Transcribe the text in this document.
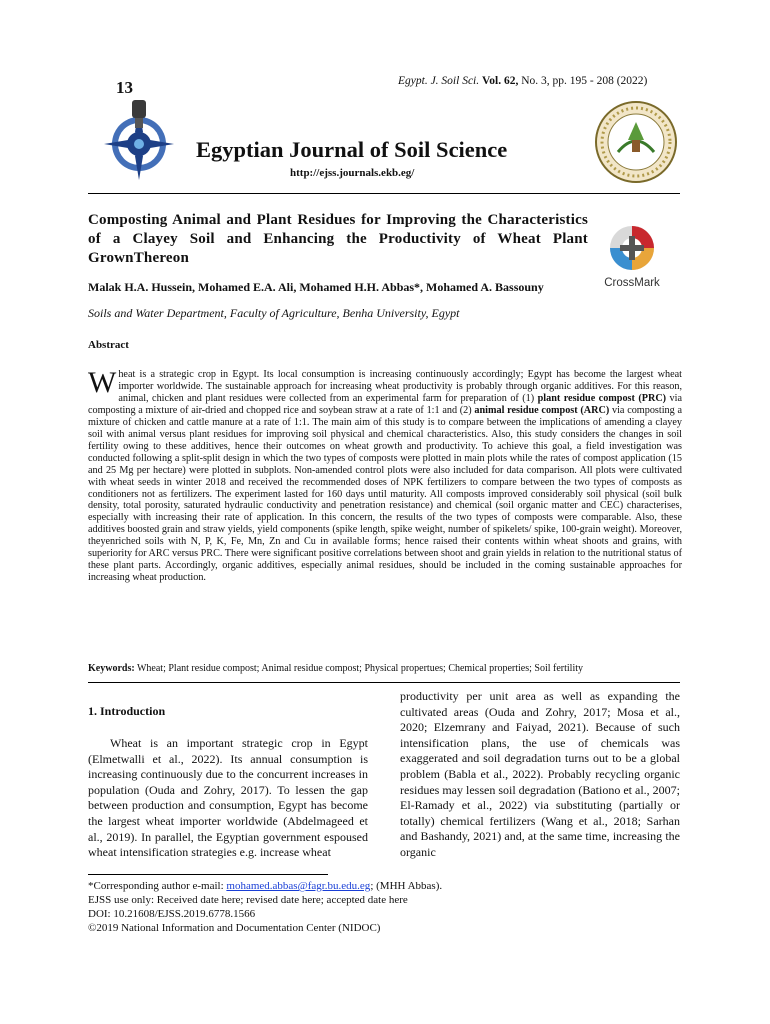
13	Egypt. J. Soil Sci. Vol. 62, No. 3, pp. 195 - 208 (2022)
Egyptian Journal of Soil Science
http://ejss.journals.ekb.eg/
Composting Animal and Plant Residues for Improving the Characteristics of a Clayey Soil and Enhancing the Productivity of Wheat Plant GrownThereon
CrossMark
Malak H.A. Hussein, Mohamed E.A. Ali, Mohamed H.H. Abbas*, Mohamed A. Bassouny
Soils and Water Department, Faculty of Agriculture, Benha University, Egypt
Abstract
Wheat is a strategic crop in Egypt. Its local consumption is increasing continuously accordingly; Egypt has become the largest wheat importer worldwide. The sustainable approach for increasing wheat productivity is probably through organic additives. For this reason, animal, chicken and plant residues were collected from an experimental farm for preparation of (1) plant residue compost (PRC) via composting a mixture of air-dried and chopped rice and soybean straw at a rate of 1:1 and (2) animal residue compost (ARC) via composting a mixture of chicken and cattle manure at a rate of 1:1. The main aim of this study is to compare between the implications of amending a clayey soil with animal versus plant residues for improving soil physical and chemical characteristics. Also, this study considers the changes in soil fertility owing to these additives, hence their outcomes on wheat growth and productivity. To achieve this goal, a field investigation was conducted following a split-split design in which the two types of composts were plotted in main plots while the rates of compost application (15 and 25 Mg per hectare) were plotted in subplots. Non-amended control plots were also included for data comparison. All plots were cultivated with wheat seeds in winter 2018 and received the recommended doses of NPK fertilizers to compare between the two types of composts as conditioners not as fertilizers. The experiment lasted for 160 days until maturity. All composts improved considerably soil physical (soil bulk density, total porosity, saturated hydraulic conductivity and penetration resistance) and chemical (soil organic matter and CEC) characterises, especially with increasing their rate of application. In this concern, the results of the two types of composts were comparable. Also, these additives boosted grain and straw yields, yield components (spike length, spike weight, number of spikelets/ spike, 100-grain weight). Moreover, theyenriched soils with N, P, K, Fe, Mn, Zn and Cu in available forms; hence raised their contents within wheat shoots and grains, with superiority for ARC versus PRC. There were significant positive correlations between shoot and grain yields in relation to the nutritional status of these plant parts. Accordingly, organic additives, especially animal residues, should be included in the coming sustainable approaches for increasing wheat production.
Keywords: Wheat; Plant residue compost; Animal residue compost; Physical propertues; Chemical properties; Soil fertility
1. Introduction
Wheat is an important strategic crop in Egypt (Elmetwalli et al., 2022). Its annual consumption is increasing continuously due to the concurrent increases in population (Ouda and Zohry, 2017). To lessen the gap between production and consumption, Egypt has become the largest wheat importer worldwide (Abdelmageed et al., 2019). In parallel, the Egyptian government espoused wheat intensification strategies e.g. increase wheat
productivity per unit area as well as expanding the cultivated areas (Ouda and Zohry, 2017; Mosa et al., 2020; Elzemrany and Faiyad, 2021). Because of such intensification plans, the use of chemicals was exaggerated and soil degradation turns out to be a global problem (Babla et al., 2022). Probably recycling organic residues may lessen soil degradation (Bationo et al., 2007; El-Ramady et al., 2022) via substituting (partially or totally) chemical fertilizers (Wang et al., 2018; Sarhan and Bashandy, 2021) and, at the same time, increasing the organic
*Corresponding author e-mail: mohamed.abbas@fagr.bu.edu.eg; (MHH Abbas).
EJSS use only: Received date here; revised date here; accepted date here
DOI: 10.21608/EJSS.2019.6778.1566
©2019 National Information and Documentation Center (NIDOC)
